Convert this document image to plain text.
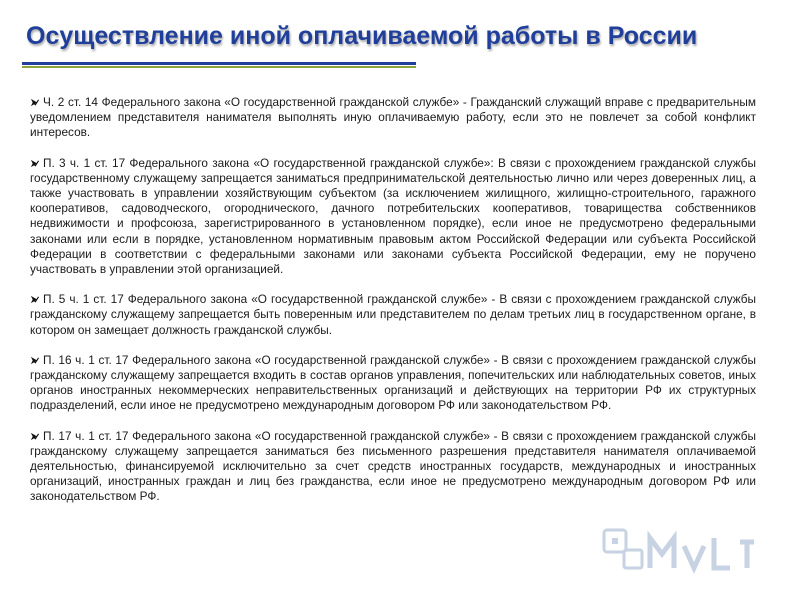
Осуществление иной оплачиваемой работы в России

Ч. 2 ст. 14 Федерального закона «О государственной гражданской службе» - Гражданский служащий вправе с предварительным уведомлением представителя нанимателя выполнять иную оплачиваемую работу, если это не повлечет за собой конфликт интересов.

П. 3 ч. 1 ст. 17 Федерального закона «О государственной гражданской службе»: В связи с прохождением гражданской службы государственному служащему запрещается заниматься предпринимательской деятельностью лично или через доверенных лиц, а также участвовать в управлении хозяйствующим субъектом (за исключением жилищного, жилищно-строительного, гаражного кооперативов, садоводческого, огороднического, дачного потребительских кооперативов, товарищества собственников недвижимости и профсоюза, зарегистрированного в установленном порядке), если иное не предусмотрено федеральными законами или если в порядке, установленном нормативным правовым актом Российской Федерации или субъекта Российской Федерации в соответствии с федеральными законами или законами субъекта Российской Федерации, ему не поручено участвовать в управлении этой организацией.

П. 5 ч. 1 ст. 17 Федерального закона «О государственной гражданской службе» - В связи с прохождением гражданской службы гражданскому служащему запрещается быть поверенным или представителем по делам третьих лиц в государственном органе, в котором он замещает должность гражданской службы.

П. 16 ч. 1 ст. 17 Федерального закона «О государственной гражданской службе» - В связи с прохождением гражданской службы гражданскому служащему запрещается входить в состав органов управления, попечительских или наблюдательных советов, иных органов иностранных некоммерческих неправительственных организаций и действующих на территории РФ их структурных подразделений, если иное не предусмотрено международным договором РФ или законодательством РФ.

П. 17 ч. 1 ст. 17 Федерального закона «О государственной гражданской службе» - В связи с прохождением гражданской службы гражданскому служащему запрещается заниматься без письменного разрешения представителя нанимателя оплачиваемой деятельностью, финансируемой исключительно за счет средств иностранных государств, международных и иностранных организаций, иностранных граждан и лиц без гражданства, если иное не предусмотрено международным договором РФ или законодательством РФ.
